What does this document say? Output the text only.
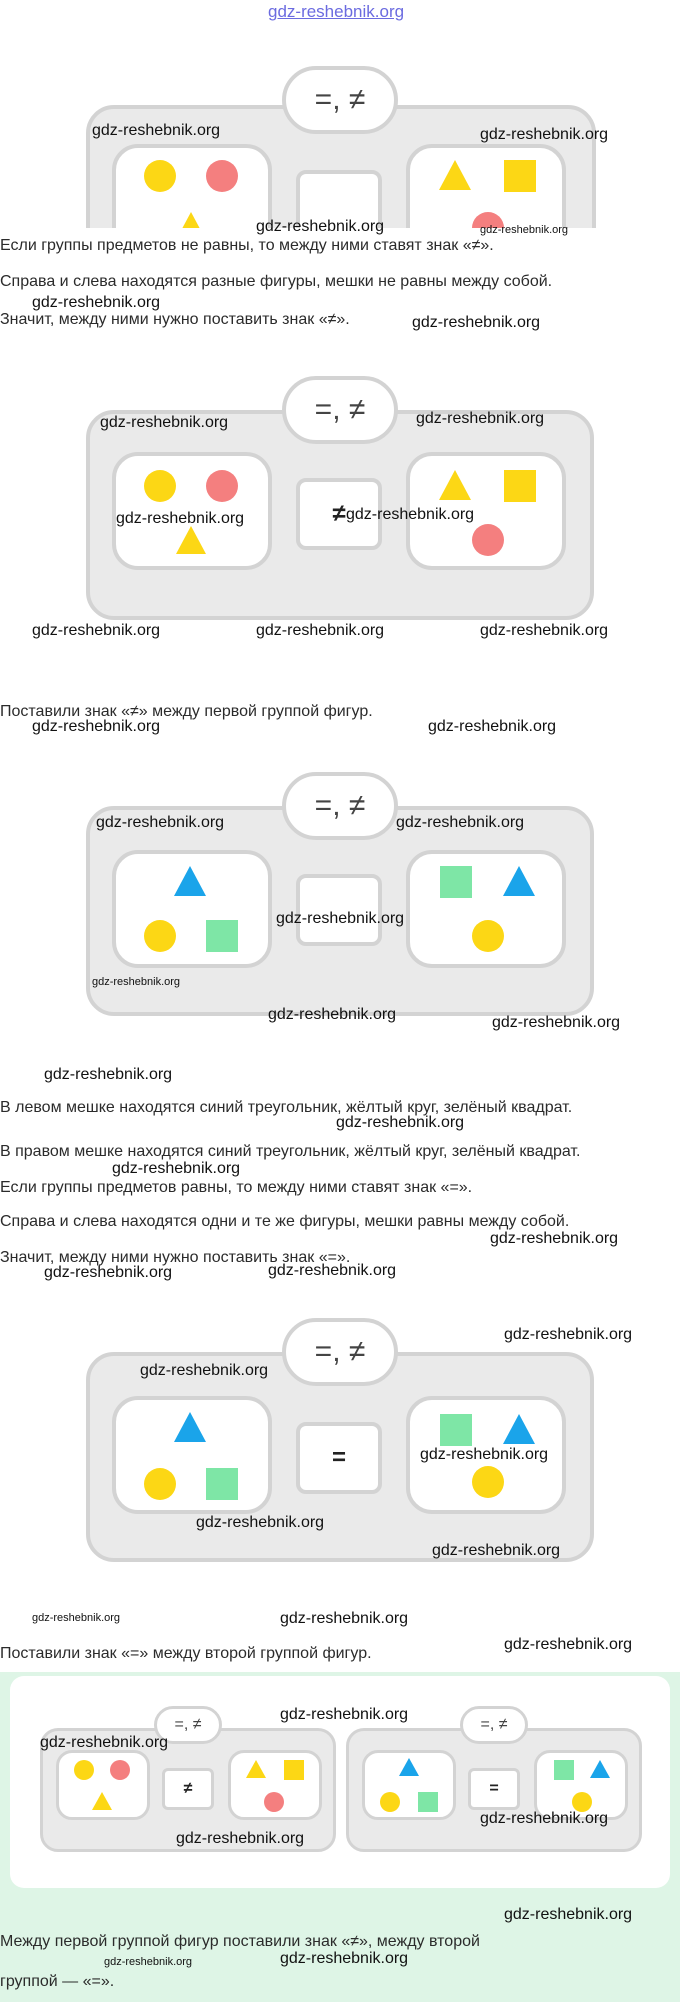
gdz-reshebnik.org
=, ≠
Если группы предметов не равны, то между ними ставят знак «≠».
Справа и слева находятся разные фигуры, мешки не равны между собой.
Значит, между ними нужно поставить знак «≠».
=, ≠
≠
Поставили знак «≠» между первой группой фигур.
=, ≠
В левом мешке находятся синий треугольник, жёлтый круг, зелёный квадрат.
В правом мешке находятся синий треугольник, жёлтый круг, зелёный квадрат.
Если группы предметов равны, то между ними ставят знак «=».
Справа и слева находятся одни и те же фигуры, мешки равны между собой.
Значит, между ними нужно поставить знак «=».
=, ≠
=
Поставили знак «=» между второй группой фигур.
=, ≠
≠
=, ≠
=
Между первой группой фигур поставили знак «≠», между второй
группой — «=».
gdz-reshebnik.org	gdz-reshebnik.org
gdz-reshebnik.org	gdz-reshebnik.org
gdz-reshebnik.org
gdz-reshebnik.org
gdz-reshebnik.org	gdz-reshebnik.org
gdz-reshebnik.org	gdz-reshebnik.org
gdz-reshebnik.org	gdz-reshebnik.org	gdz-reshebnik.org
gdz-reshebnik.org	gdz-reshebnik.org
gdz-reshebnik.org	gdz-reshebnik.org
gdz-reshebnik.org
gdz-reshebnik.org
gdz-reshebnik.org	gdz-reshebnik.org
gdz-reshebnik.org
gdz-reshebnik.org
gdz-reshebnik.org
gdz-reshebnik.org
gdz-reshebnik.org	gdz-reshebnik.org
gdz-reshebnik.org
gdz-reshebnik.org
gdz-reshebnik.org
gdz-reshebnik.org
gdz-reshebnik.org
gdz-reshebnik.org	gdz-reshebnik.org
gdz-reshebnik.org
gdz-reshebnik.org
gdz-reshebnik.org
gdz-reshebnik.org
gdz-reshebnik.org
gdz-reshebnik.org
gdz-reshebnik.org	gdz-reshebnik.org
